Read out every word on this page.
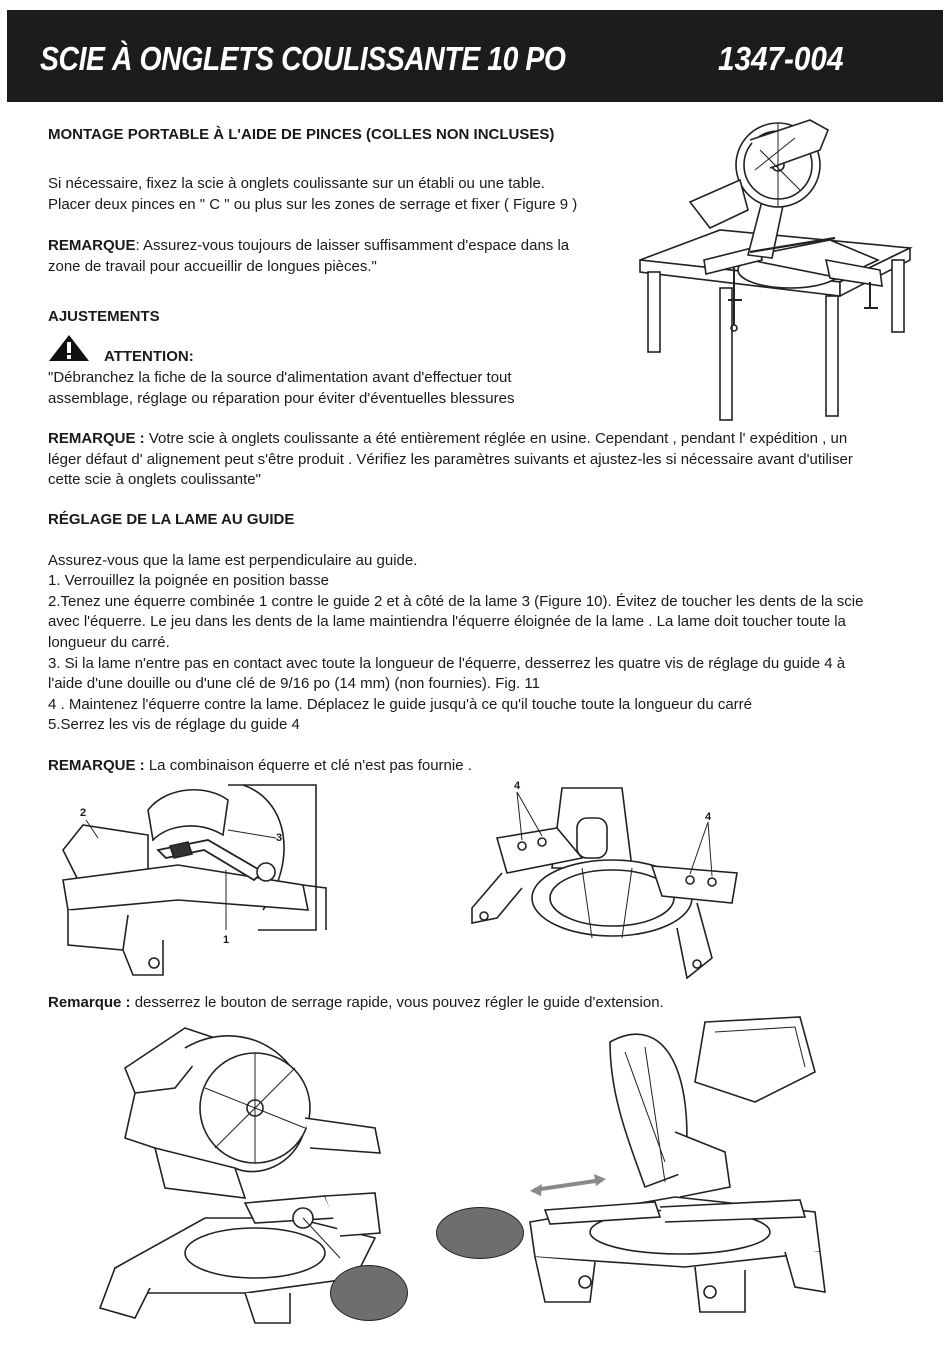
SCIE À ONGLETS COULISSANTE 10 PO	1347-004
MONTAGE PORTABLE À L'AIDE DE PINCES (COLLES NON INCLUSES)
Si nécessaire, fixez la scie à onglets coulissante sur un établi ou une table.
Placer deux pinces en " C " ou plus sur les zones de serrage et fixer ( Figure 9 )
REMARQUE: Assurez-vous toujours de laisser suffisamment d'espace dans la
zone de travail pour accueillir de longues pièces."
AJUSTEMENTS
ATTENTION:
"Débranchez la fiche de la source d'alimentation avant d'effectuer tout
assemblage, réglage ou réparation pour éviter d'éventuelles blessures
REMARQUE : Votre scie à onglets coulissante a été entièrement réglée en usine. Cependant , pendant l' expédition , un
léger défaut d' alignement peut s'être produit . Vérifiez les paramètres suivants et ajustez-les si nécessaire avant d'utiliser
cette scie à onglets coulissante"
RÉGLAGE DE LA LAME AU GUIDE
Assurez-vous que la lame est perpendiculaire au guide.
1. Verrouillez la poignée en position basse
2.Tenez une équerre combinée 1 contre le guide 2 et à côté de la lame 3 (Figure 10). Évitez de toucher les dents de la scie
avec l'équerre. Le jeu dans les dents de la lame maintiendra l'équerre éloignée de la lame . La lame doit toucher toute la
longueur du carré.
3. Si la lame n'entre pas en contact avec toute la longueur de l'équerre, desserrez les quatre vis de réglage du guide 4 à
l'aide d'une douille ou d'une clé de 9/16 po (14 mm) (non fournies). Fig. 11
4 . Maintenez l'équerre contre la lame. Déplacez le guide jusqu'à ce qu'il touche toute la longueur du carré
5.Serrez les vis de réglage du guide 4
REMARQUE : La combinaison équerre et clé n'est pas fournie .
2
3
1
4
4
Remarque : desserrez le bouton de serrage rapide, vous pouvez régler le guide d'extension.
